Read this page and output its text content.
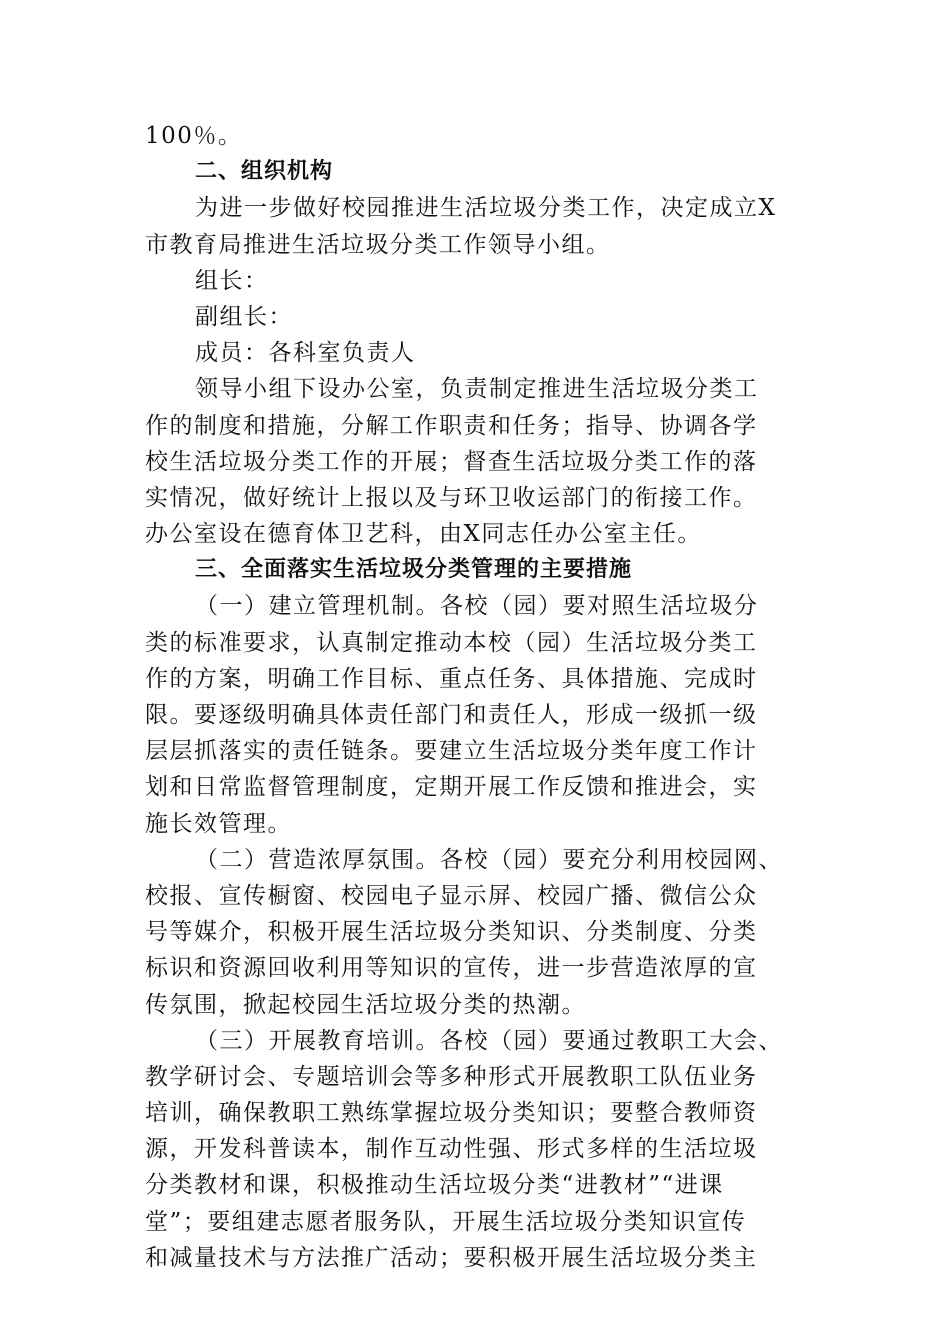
100％。
二、组织机构
为进一步做好校园推进生活垃圾分类工作，决定成立X
市教育局推进生活垃圾分类工作领导小组。
组长：
副组长：
成员：各科室负责人
领导小组下设办公室，负责制定推进生活垃圾分类工
作的制度和措施，分解工作职责和任务；指导、协调各学
校生活垃圾分类工作的开展；督查生活垃圾分类工作的落
实情况，做好统计上报以及与环卫收运部门的衔接工作。
办公室设在德育体卫艺科，由X同志任办公室主任。
三、全面落实生活垃圾分类管理的主要措施
（一）建立管理机制。各校（园）要对照生活垃圾分
类的标准要求，认真制定推动本校（园）生活垃圾分类工
作的方案，明确工作目标、重点任务、具体措施、完成时
限。要逐级明确具体责任部门和责任人，形成一级抓一级
层层抓落实的责任链条。要建立生活垃圾分类年度工作计
划和日常监督管理制度，定期开展工作反馈和推进会，实
施长效管理。
（二）营造浓厚氛围。各校（园）要充分利用校园网、
校报、宣传橱窗、校园电子显示屏、校园广播、微信公众
号等媒介，积极开展生活垃圾分类知识、分类制度、分类
标识和资源回收利用等知识的宣传，进一步营造浓厚的宣
传氛围，掀起校园生活垃圾分类的热潮。
（三）开展教育培训。各校（园）要通过教职工大会、
教学研讨会、专题培训会等多种形式开展教职工队伍业务
培训，确保教职工熟练掌握垃圾分类知识；要整合教师资
源，开发科普读本，制作互动性强、形式多样的生活垃圾
分类教材和课，积极推动生活垃圾分类“进教材”“进课
堂”；要组建志愿者服务队，开展生活垃圾分类知识宣传
和减量技术与方法推广活动；要积极开展生活垃圾分类主
